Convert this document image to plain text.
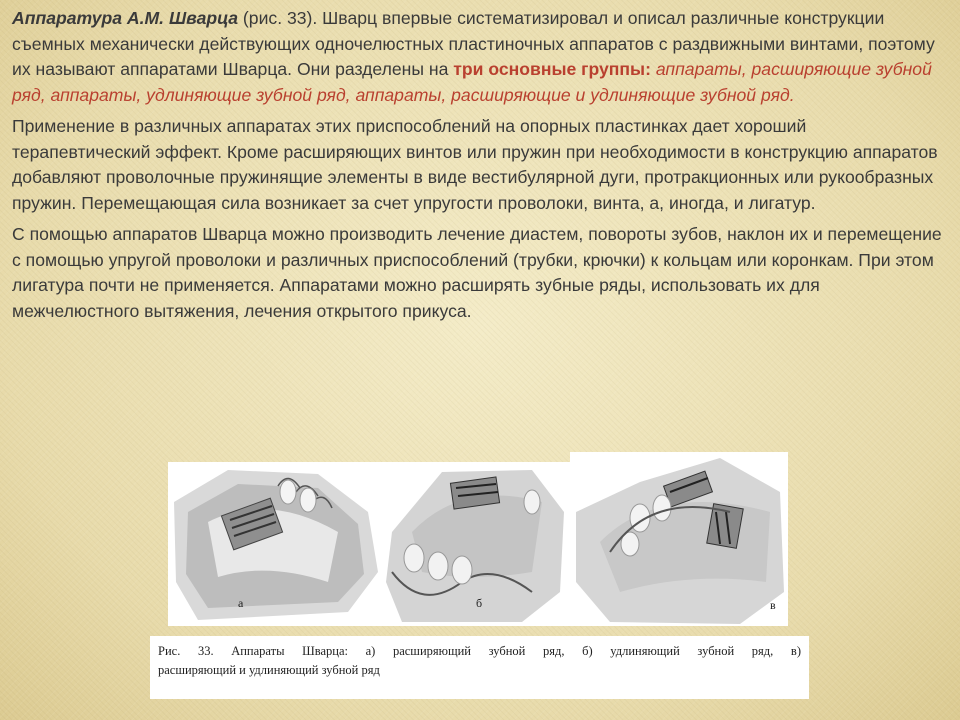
Аппаратура А.М. Шварца (рис. 33). Шварц впервые систематизировал и описал различные конструкции съемных механически действующих одночелюстных пластиночных аппаратов с раздвижными винтами, поэтому их называют аппаратами Шварца. Они разделены на три основные группы: аппараты, расширяющие зубной ряд, аппараты, удлиняющие зубной ряд, аппараты, расширяющие и удлиняющие зубной ряд.

Применение в различных аппаратах этих приспособлений на опорных пластинках дает хороший терапевтический эффект. Кроме расширяющих винтов или пружин при необходимости в конструкцию аппаратов добавляют проволочные пружинящие элементы в виде вестибулярной дуги, протракционных или рукообразных пружин. Перемещающая сила возникает за счет упругости проволоки, винта, а, иногда, и лигатур.

С помощью аппаратов Шварца можно производить лечение диастем, повороты зубов, наклон их и перемещение с помощью упругой проволоки и различных приспособлений (трубки, крючки) к кольцам или коронкам. При этом лигатура почти не применяется. Аппаратами можно расширять зубные ряды, использовать их для межчелюстного вытяжения, лечения открытого прикуса.

а	б	в
Рис. 33. Аппараты Шварца: а) расширяющий зубной ряд, б) удлиняющий зубной ряд, в)
расширяющий и удлиняющий зубной ряд
